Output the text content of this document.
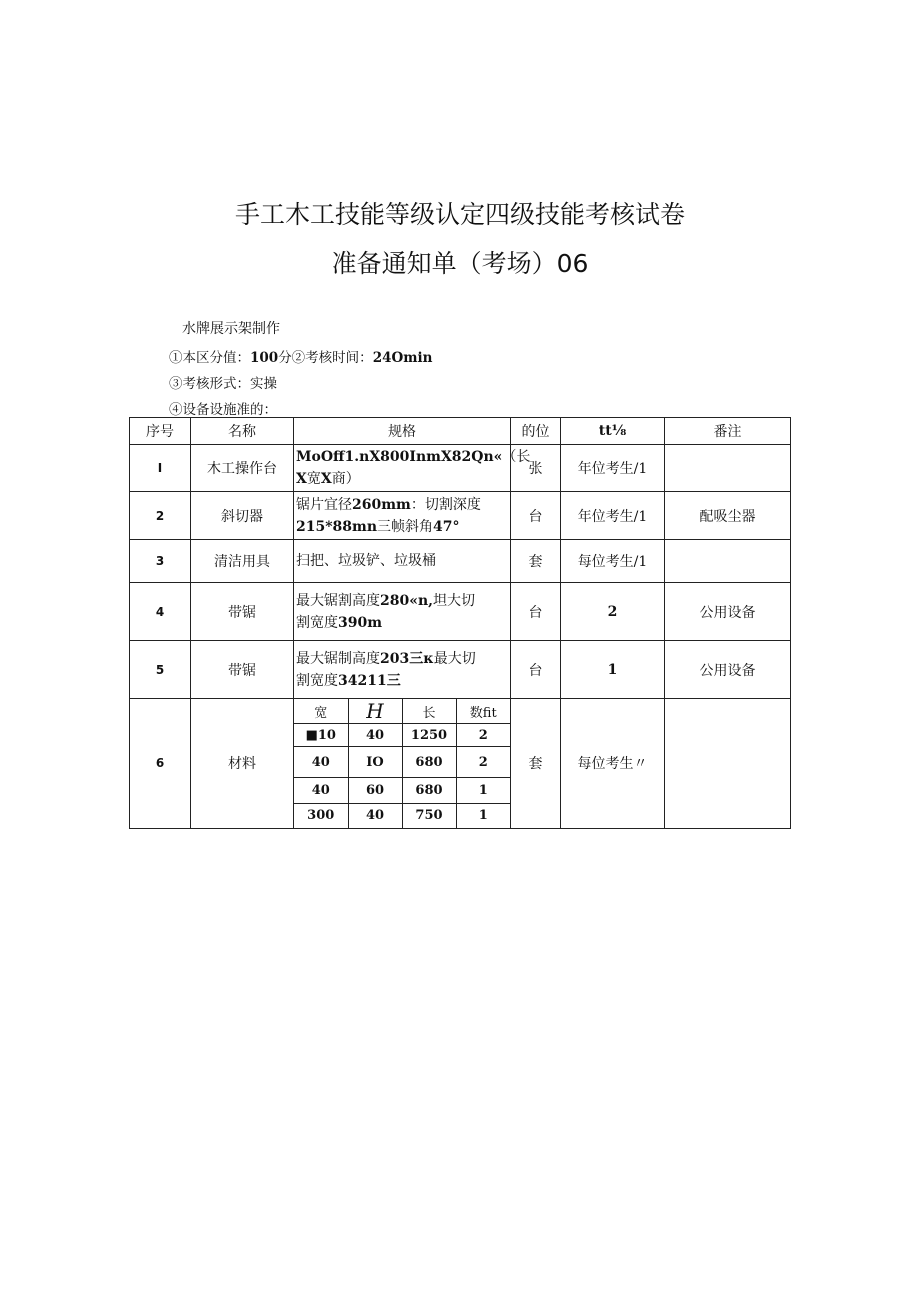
手工木工技能等级认定四级技能考核试卷
准备通知单（考场）06
水牌展示架制作
①本区分值：100分②考核时间：24Omin
③考核形式：实操
④设备设施准的：
序号	名称	规格	的位	tt⅛	番注
I	木工操作台	MoOff1.nX800InmX82Qn«（长
X宽X商）	张	年位考生/1	
2	斜切器	锯片宜径260mm：切割深度
215*88mn三帧斜角47°	台	年位考生/1	配吸尘器
3	清洁用具	扫把、垃圾铲、垃圾桶	套	每位考生/1	
4	带锯	最大锯割高度280«n,坦大切
割宽度390m	台	2	公用设备
5	带锯	最大锯制高度203三κ最大切
割宽度34211三	台	1	公用设备
6	材料	
宽	H	长	数fit
■10	40	1250	2
40	IO	680	2
40	60	680	1
300	40	750	1
	套	每位考生〃	
